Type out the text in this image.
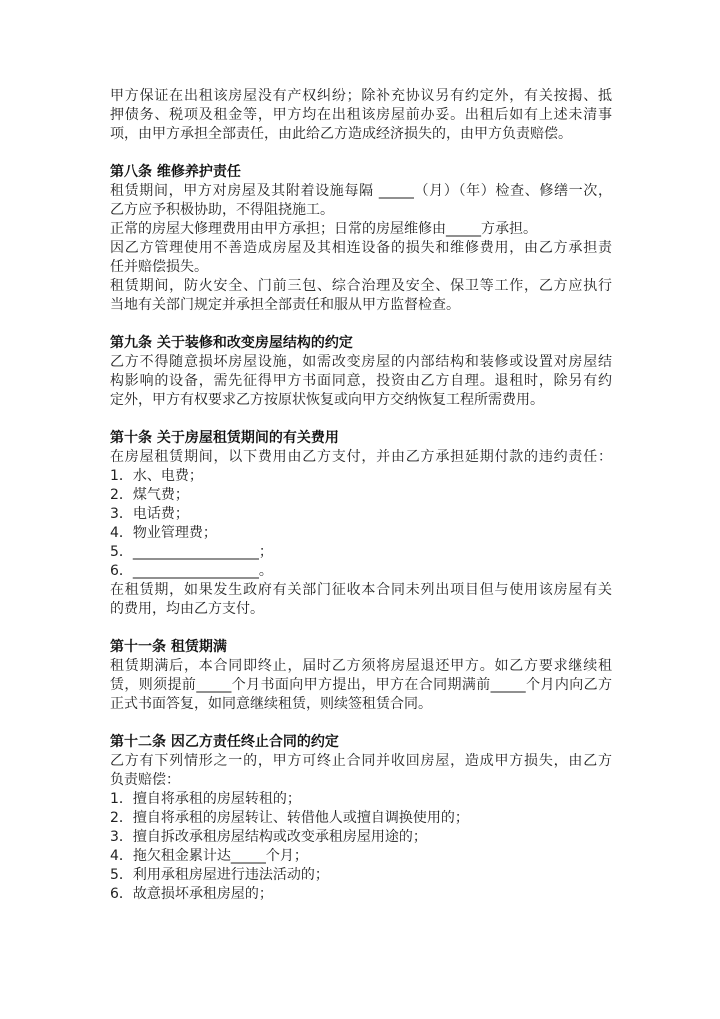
甲方保证在出租该房屋没有产权纠纷；除补充协议另有约定外，有关按揭、抵
押债务、税项及租金等，甲方均在出租该房屋前办妥。出租后如有上述未清事
项，由甲方承担全部责任，由此给乙方造成经济损失的，由甲方负责赔偿。
第八条 维修养护责任
租赁期间，甲方对房屋及其附着设施每隔 _____（月）（年）检查、修缮一次，
乙方应予积极协助，不得阻挠施工。
正常的房屋大修理费用由甲方承担；日常的房屋维修由_____方承担。
因乙方管理使用不善造成房屋及其相连设备的损失和维修费用，由乙方承担责
任并赔偿损失。
租赁期间，防火安全、门前三包、综合治理及安全、保卫等工作，乙方应执行
当地有关部门规定并承担全部责任和服从甲方监督检查。
第九条 关于装修和改变房屋结构的约定
乙方不得随意损坏房屋设施，如需改变房屋的内部结构和装修或设置对房屋结
构影响的设备，需先征得甲方书面同意，投资由乙方自理。退租时，除另有约
定外，甲方有权要求乙方按原状恢复或向甲方交纳恢复工程所需费用。
第十条 关于房屋租赁期间的有关费用
在房屋租赁期间，以下费用由乙方支付，并由乙方承担延期付款的违约责任：
1．水、电费；
2．煤气费；
3．电话费；
4．物业管理费；
5．__________________；
6．__________________。
在租赁期，如果发生政府有关部门征收本合同未列出项目但与使用该房屋有关
的费用，均由乙方支付。
第十一条 租赁期满
租赁期满后，本合同即终止，届时乙方须将房屋退还甲方。如乙方要求继续租
赁，则须提前_____个月书面向甲方提出，甲方在合同期满前_____个月内向乙方
正式书面答复，如同意继续租赁，则续签租赁合同。
第十二条 因乙方责任终止合同的约定
乙方有下列情形之一的，甲方可终止合同并收回房屋，造成甲方损失，由乙方
负责赔偿：
1．擅自将承租的房屋转租的；
2．擅自将承租的房屋转让、转借他人或擅自调换使用的；
3．擅自拆改承租房屋结构或改变承租房屋用途的；
4．拖欠租金累计达_____个月；
5．利用承租房屋进行违法活动的；
6．故意损坏承租房屋的；
